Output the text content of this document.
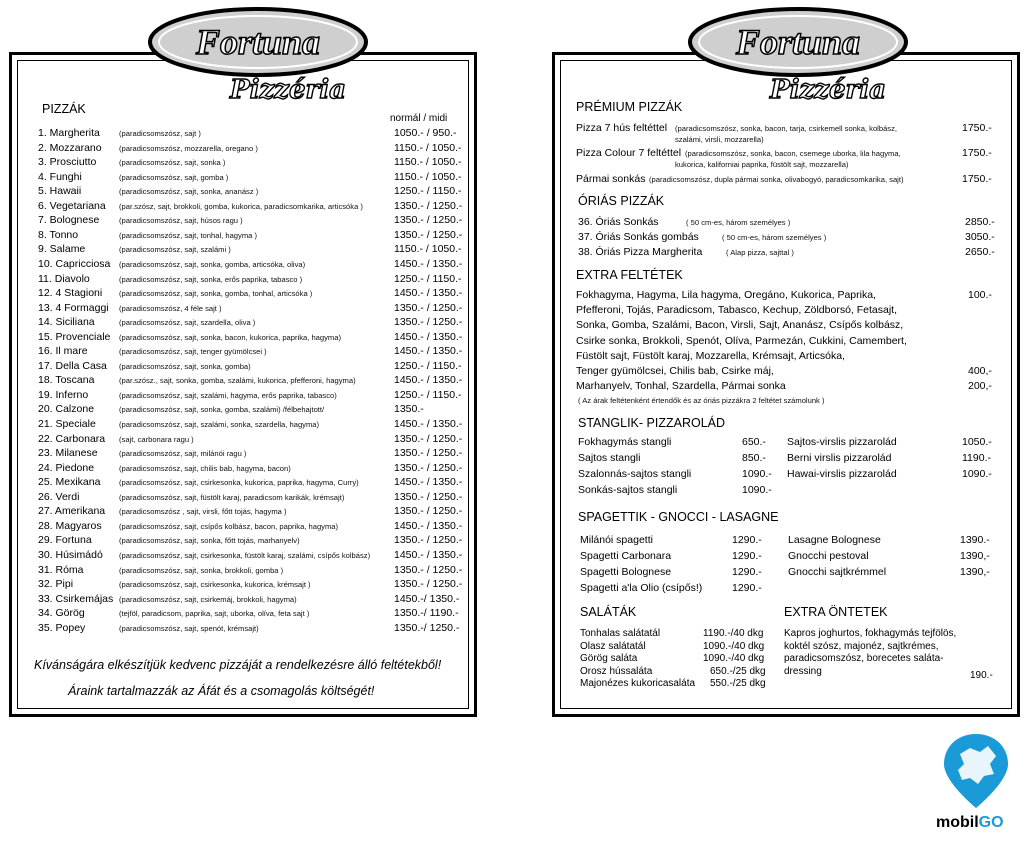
Fortuna
Pizzéria
PIZZÁK
normál / midi
1. Margherita	(paradicsomszósz, sajt )	1050.- / 950.-
2. Mozzarano (paradicsomszósz, mozzarella, oregano )	1150.- / 1050.-
3. Prosciutto	(paradicsomszósz, sajt, sonka )	1150.- / 1050.-
4. Funghi	(paradicsomszósz, sajt, gomba )	1150.- / 1050.-
5. Hawaii	(paradicsomszósz, sajt, sonka, ananász )	1250.- / 1150.-
6. Vegetariana (par.szósz, sajt, brokkoli, gomba, kukorica, paradicsomkarika, articsóka )	1350.- / 1250.-
7. Bolognese	(paradicsomszósz, sajt, húsos ragu )	1350.- / 1250.-
8. Tonno	(paradicsomszósz, sajt, tonhal, hagyma )	1350.- / 1250.-
9. Salame	(paradicsomszósz, sajt, szalámi )	1150.- / 1050.-
10. Capricciosa (paradicsomszósz, sajt, sonka, gomba, articsóka, oliva)	1450.- / 1350.-
11. Diavolo	(paradicsomszósz, sajt, sonka, erős paprika, tabasco )	1250.- / 1150.-
12. 4 Stagioni (paradicsomszósz, sajt, sonka, gomba, tonhal, articsóka )	1450.- / 1350.-
13. 4 Formaggi (paradicsomszósz, 4 féle sajt )	1350.- / 1250.-
14. Siciliana	(paradicsomszósz, sajt, szardella, oliva )	1350.- / 1250.-
15. Provenciale (paradicsomszósz, sajt, sonka, bacon, kukorica, paprika, hagyma)	1450.- / 1350.-
16. Il mare	(paradicsomszósz, sajt, tenger gyümölcsei )	1450.- / 1350.-
17. Della Casa (paradicsomszósz, sajt, sonka, gomba)	1250.- / 1150.-
18. Toscana	(par.szósz., sajt, sonka, gomba, szalámi, kukorica, pfefferoni, hagyma)	1450.- / 1350.-
19. Inferno	(paradicsomszósz, sajt, szalámi, hagyma, erős paprika, tabasco)	1250.- / 1150.-
20. Calzone	(paradicsomszósz, sajt, sonka, gomba, szalámi) /félbehajtott/	1350.-
21. Speciale	(paradicsomszósz, sajt, szalámi, sonka, szardella, hagyma)	1450.- / 1350.-
22. Carbonara (sajt, carbonara ragu )	1350.- / 1250.-
23. Milanese	(paradicsomszósz, sajt, milánói ragu )	1350.- / 1250.-
24. Piedone	(paradicsomszósz, sajt, chilis bab, hagyma, bacon)	1350.- / 1250.-
25. Mexikana (paradicsomszósz, sajt, csirkesonka, kukorica, paprika, hagyma, Curry)	1450.- / 1350.-
26. Verdi	(paradicsomszósz, sajt, füstölt karaj, paradicsom karikák, krémsajt)	1350.- / 1250.-
27. Amerikana (paradicsomszósz , sajt, virsli, főtt tojás, hagyma )	1350.- / 1250.-
28. Magyaros (paradicsomszósz, sajt, csípős kolbász, bacon, paprika, hagyma)	1450.- / 1350.-
29. Fortuna	(paradicsomszósz, sajt, sonka, főtt tojás, marhanyelv)	1350.- / 1250.-
30. Húsimádó (paradicsomszósz, sajt, csirkesonka, füstölt karaj, szalámi, csípős kolbász) 1450.- / 1350.-
31. Róma	(paradicsomszósz, sajt, sonka, brokkoli, gomba )	1350.- / 1250.-
32. Pipi	(paradicsomszósz, sajt, csirkesonka, kukorica, krémsajt )	1350.- / 1250.-
33. Csirkemájas (paradicsomszósz, sajt, csirkemáj, brokkoli, hagyma)	1450.-/ 1350.-
34. Görög	(tejföl, paradicsom, paprika, sajt, uborka, olíva, feta sajt )	1350.-/ 1190.-
35. Popey	(paradicsomszósz, sajt, spenót, krémsajt)	1350.-/ 1250.-
Kívánságára elkészítjük kedvenc pizzáját a rendelkezésre álló feltétekből!
Áraink tartalmazzák az Áfát és a csomagolás költségét!
Fortuna
Pizzéria
PRÉMIUM PIZZÁK
Pizza 7 hús feltéttel (paradicsomszósz, sonka, bacon, tarja, csirkemell sonka, kolbász,
szalámi, virsli, mozzarella)
1750.-
Pizza Colour 7 feltéttel (paradicsomszósz, sonka, bacon, csemege uborka, lila hagyma,
kukorica, kaliforniai paprika, füstölt sajt, mozzarella)
1750.-
Pármai sonkás (paradicsomszósz, dupla pármai sonka, olivabogyó, paradicsomkarika, sajt)	1750.-
ÓRIÁS PIZZÁK
36. Óriás Sonkás	( 50 cm-es, három személyes )	2850.-
37. Óriás Sonkás gombás	( 50 cm-es, három személyes )	3050.-
38. Óriás Pizza Margherita	( Alap pizza, sajttal )	2650.-
EXTRA FELTÉTEK
Fokhagyma, Hagyma, Lila hagyma, Oregáno, Kukorica, Paprika,
Pfefferoni, Tojás, Paradicsom, Tabasco, Kechup, Zöldborsó, Fetasajt,
Sonka, Gomba, Szalámi, Bacon, Virsli, Sajt, Ananász, Csípős kolbász,
Csirke sonka, Brokkoli, Spenót, Olíva, Parmezán, Cukkini, Camembert,
Füstölt sajt, Füstölt karaj, Mozzarella, Krémsajt, Articsóka,
Tenger gyümölcsei, Chilis bab, Csirke máj,
Marhanyelv, Tonhal, Szardella, Pármai sonka
100.-
400,-
200,-
( Az árak feltétenként értendők és az óriás pizzákra 2 feltétet számolunk )
STANGLIK- PIZZAROLÁD
Fokhagymás stangli	650.-
Sajtos stangli	850.-
Szalonnás-sajtos stangli	1090.-
Sonkás-sajtos stangli	1090.-
Sajtos-virslis pizzarolád	1050.-
Berni virslis pizzarolád	1190.-
Hawai-virslis pizzarolád	1090.-
SPAGETTIK - GNOCCI - LASAGNE
Milánói spagetti	1290.-
Spagetti Carbonara	1290.-
Spagetti Bolognese	1290.-
Spagetti a'la Olio (csípős!)	1290.-
Lasagne Bolognese	1390.-
Gnocchi pestoval	1390,-
Gnocchi sajtkrémmel	1390,-
SALÁTÁK
Tonhalas salátatál	1190.-/40 dkg
Olasz salátatál	1090.-/40 dkg
Görög saláta	1090.-/40 dkg
Orosz hússaláta	650.-/25 dkg
Majonézes kukoricasaláta 550.-/25 dkg
EXTRA ÖNTETEK
Kapros joghurtos, fokhagymás tejfölös,
koktél szósz, majonéz, sajtkrémes,
paradicsomszósz, borecetes saláta-
dressing	190.-
mobilGO
